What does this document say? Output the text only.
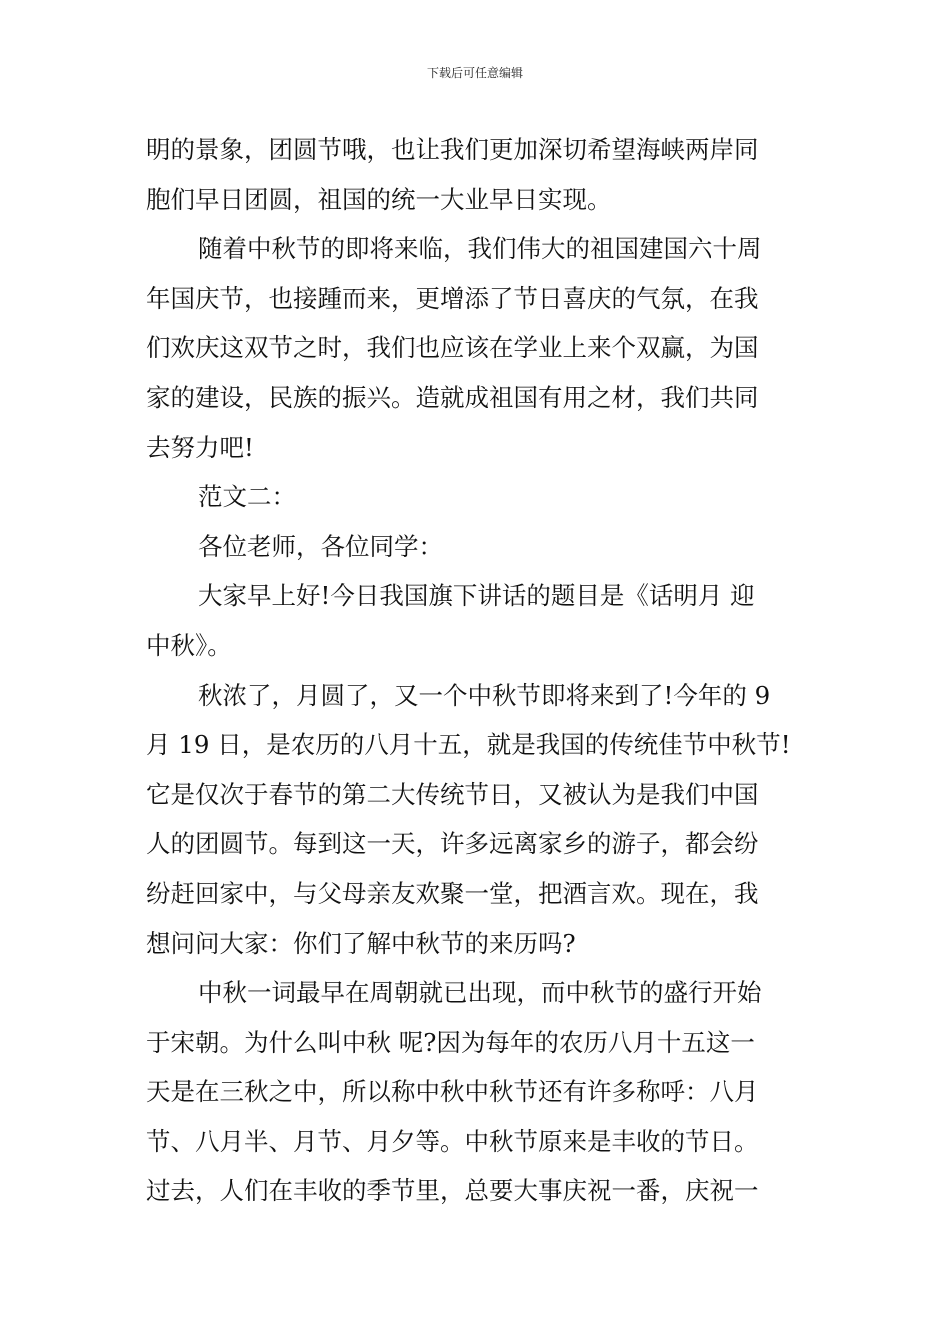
下载后可任意编辑
明的景象，团圆节哦，也让我们更加深切希望海峡两岸同
胞们早日团圆，祖国的统一大业早日实现。
随着中秋节的即将来临，我们伟大的祖国建国六十周
年国庆节，也接踵而来，更增添了节日喜庆的气氛，在我
们欢庆这双节之时，我们也应该在学业上来个双赢，为国
家的建设，民族的振兴。造就成祖国有用之材，我们共同
去努力吧!
范文二：
各位老师，各位同学：
大家早上好!今日我国旗下讲话的题目是《话明月 迎
中秋》。
秋浓了，月圆了，又一个中秋节即将来到了!今年的 9
月 19 日，是农历的八月十五，就是我国的传统佳节中秋节!
它是仅次于春节的第二大传统节日，又被认为是我们中国
人的团圆节。每到这一天，许多远离家乡的游子，都会纷
纷赶回家中，与父母亲友欢聚一堂，把酒言欢。现在，我
想问问大家：你们了解中秋节的来历吗?
中秋一词最早在周朝就已出现，而中秋节的盛行开始
于宋朝。为什么叫中秋 呢?因为每年的农历八月十五这一
天是在三秋之中，所以称中秋中秋节还有许多称呼：八月
节、八月半、月节、月夕等。中秋节原来是丰收的节日。
过去，人们在丰收的季节里，总要大事庆祝一番，庆祝一
